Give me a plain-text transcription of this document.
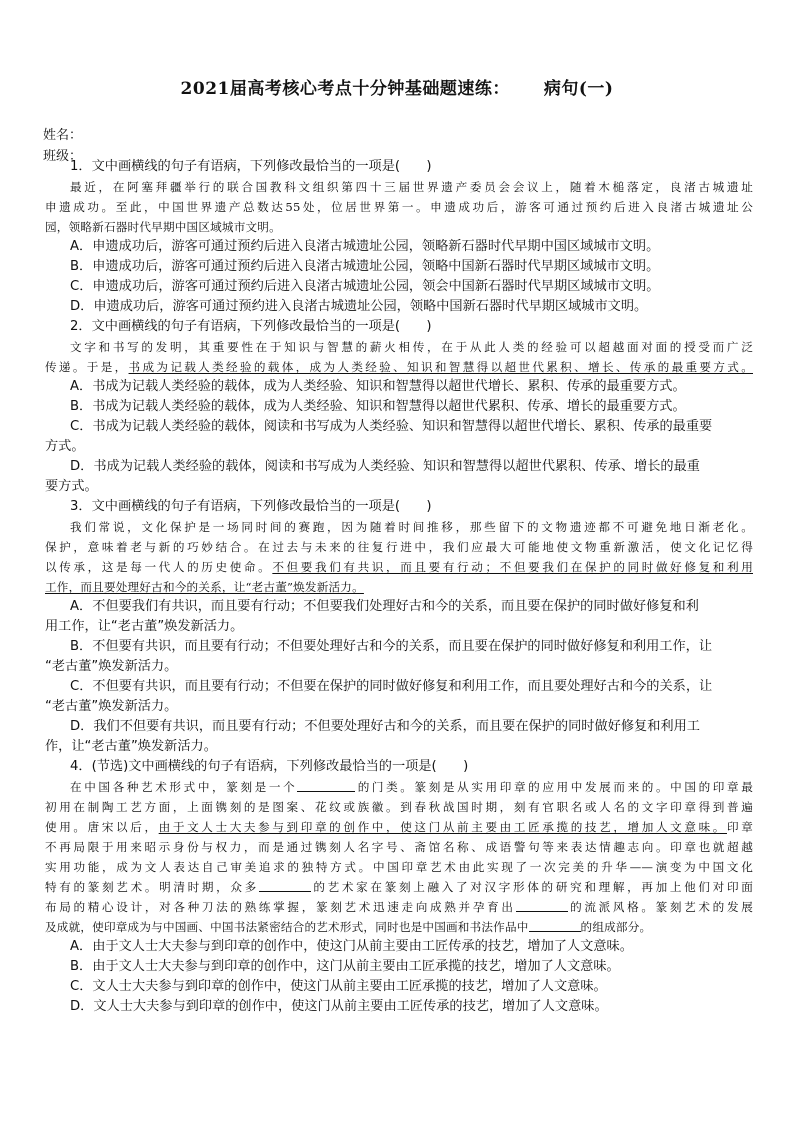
2021届高考核心考点十分钟基础题速练： 病句(一)
姓名：
班级：
1．文中画横线的句子有语病，下列修改最恰当的一项是(　　)
最近，在阿塞拜疆举行的联合国教科文组织第四十三届世界遗产委员会会议上，随着木槌落定，良渚古城遗址
申遗成功。至此，中国世界遗产总数达55处，位居世界第一。申遗成功后，游客可通过预约后进入良渚古城遗址公
园，领略新石器时代早期中国区域城市文明。
A．申遗成功后，游客可通过预约后进入良渚古城遗址公园，领略新石器时代早期中国区域城市文明。
B．申遗成功后，游客可通过预约后进入良渚古城遗址公园，领略中国新石器时代早期区域城市文明。
C．申遗成功后，游客可通过预约后进入良渚古城遗址公园，领会中国新石器时代早期区域城市文明。
D．申遗成功后，游客可通过预约进入良渚古城遗址公园，领略中国新石器时代早期区域城市文明。
2．文中画横线的句子有语病，下列修改最恰当的一项是(　　)
文字和书写的发明，其重要性在于知识与智慧的薪火相传，在于从此人类的经验可以超越面对面的授受而广泛
传递。于是，书成为记载人类经验的载体，成为人类经验、知识和智慧得以超世代累积、增长、传承的最重要方式。
A．书成为记载人类经验的载体，成为人类经验、知识和智慧得以超世代增长、累积、传承的最重要方式。
B．书成为记载人类经验的载体，成为人类经验、知识和智慧得以超世代累积、传承、增长的最重要方式。
C．书成为记载人类经验的载体，阅读和书写成为人类经验、知识和智慧得以超世代增长、累积、传承的最重要
方式。
D．书成为记载人类经验的载体，阅读和书写成为人类经验、知识和智慧得以超世代累积、传承、增长的最重
要方式。
3．文中画横线的句子有语病，下列修改最恰当的一项是(　　)
我们常说，文化保护是一场同时间的赛跑，因为随着时间推移，那些留下的文物遗迹都不可避免地日渐老化。
保护，意味着老与新的巧妙结合。在过去与未来的往复行进中，我们应最大可能地使文物重新激活，使文化记忆得
以传承，这是每一代人的历史使命。不但要我们有共识，而且要有行动；不但要我们在保护的同时做好修复和利用
工作，而且要处理好古和今的关系，让“老古董”焕发新活力。
A．不但要我们有共识，而且要有行动；不但要我们处理好古和今的关系，而且要在保护的同时做好修复和利
用工作，让“老古董”焕发新活力。
B．不但要有共识，而且要有行动；不但要处理好古和今的关系，而且要在保护的同时做好修复和利用工作，让
“老古董”焕发新活力。
C．不但要有共识，而且要有行动；不但要在保护的同时做好修复和利用工作，而且要处理好古和今的关系，让
“老古董”焕发新活力。
D．我们不但要有共识，而且要有行动；不但要处理好古和今的关系，而且要在保护的同时做好修复和利用工
作，让“老古董”焕发新活力。
4．(节选)文中画横线的句子有语病，下列修改最恰当的一项是(　　)
在中国各种艺术形式中，篆刻是一个	的门类。篆刻是从实用印章的应用中发展而来的。中国的印章最
初用在制陶工艺方面，上面镌刻的是图案、花纹或族徽。到春秋战国时期，刻有官职名或人名的文字印章得到普遍
使用。唐宋以后，由于文人士大夫参与到印章的创作中，使这门从前主要由工匠承揽的技艺，增加人文意味。印章
不再局限于用来昭示身份与权力，而是通过镌刻人名字号、斋馆名称、成语警句等来表达情趣志向。印章也就超越
实用功能，成为文人表达自己审美追求的独特方式。中国印章艺术由此实现了一次完美的升华——演变为中国文化
特有的篆刻艺术。明清时期，众多	的艺术家在篆刻上融入了对汉字形体的研究和理解，再加上他们对印面
布局的精心设计，对各种刀法的熟练掌握，篆刻艺术迅速走向成熟并孕育出	的流派风格。篆刻艺术的发展
及成就，使印章成为与中国画、中国书法紧密结合的艺术形式，同时也是中国画和书法作品中	的组成部分。
A．由于文人士大夫参与到印章的创作中，使这门从前主要由工匠传承的技艺，增加了人文意味。
B．由于文人士大夫参与到印章的创作中，这门从前主要由工匠承揽的技艺，增加了人文意味。
C．文人士大夫参与到印章的创作中，使这门从前主要由工匠承揽的技艺，增加了人文意味。
D．文人士大夫参与到印章的创作中，使这门从前主要由工匠传承的技艺，增加了人文意味。
